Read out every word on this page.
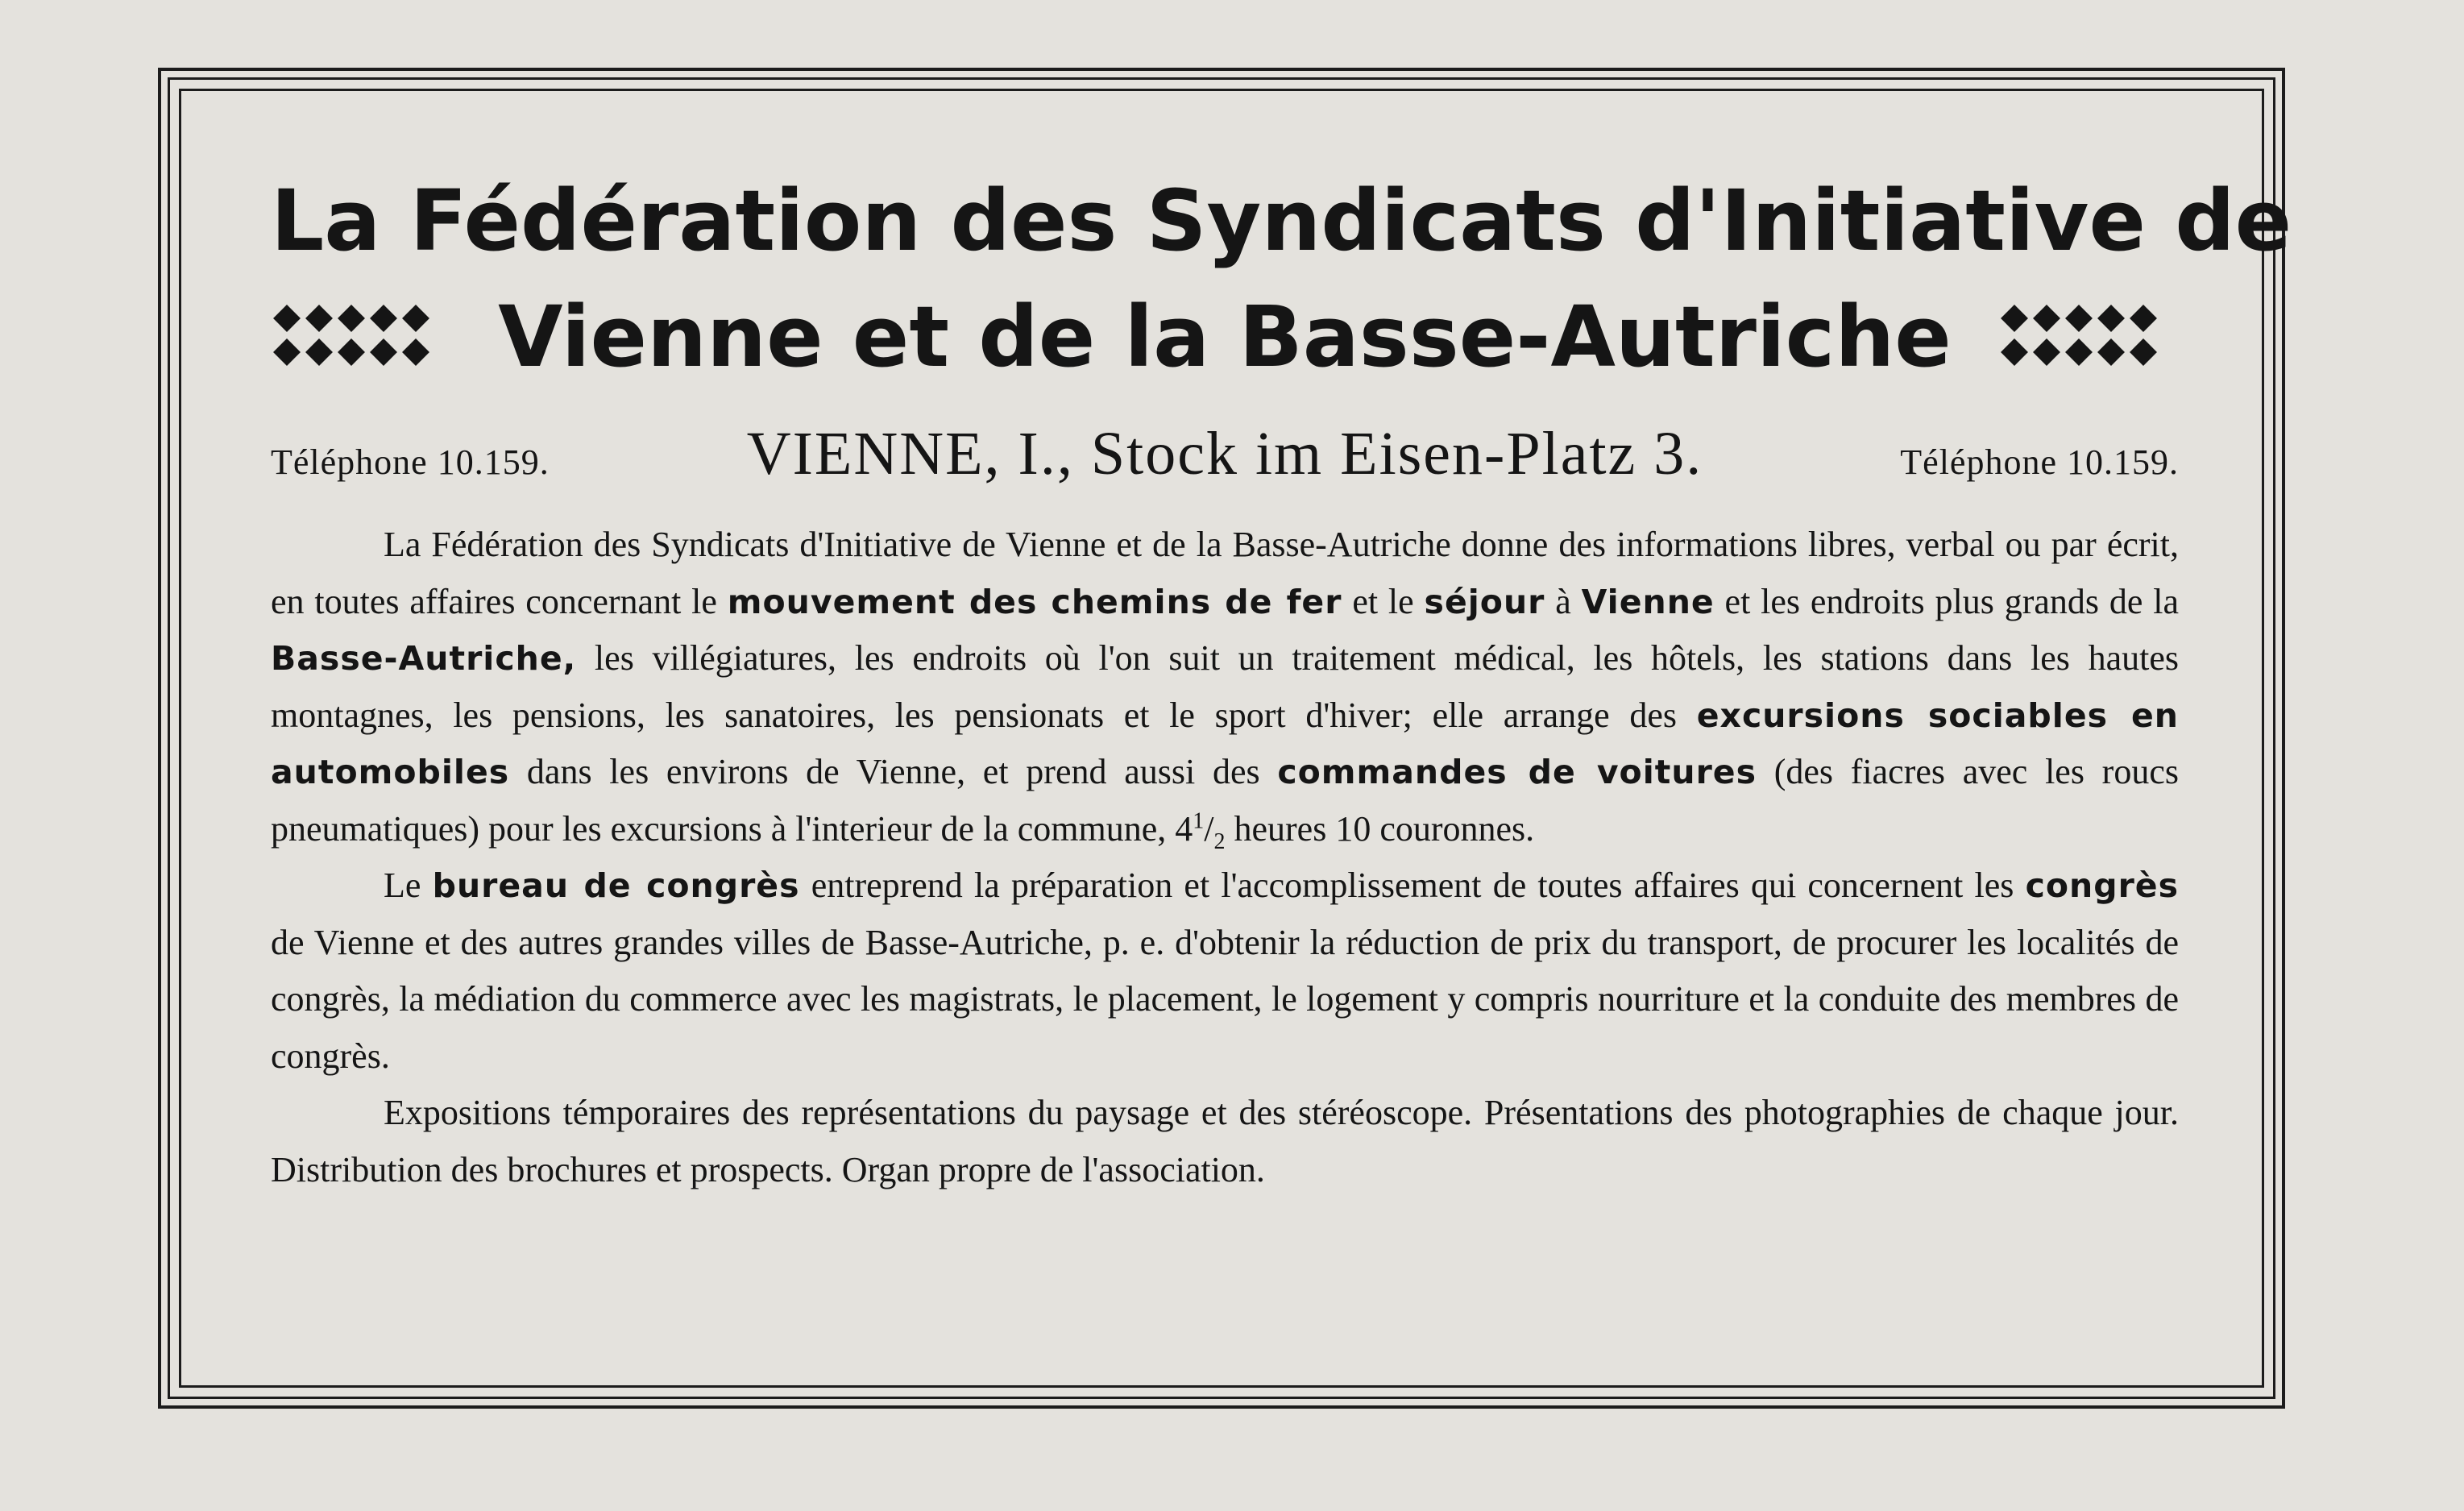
La Fédération des Syndicats d'Initiative de
Vienne et de la Basse-Autriche
Téléphone 10.159.	VIENNE, I., Stock im Eisen-Platz 3.	Téléphone 10.159.

La Fédération des Syndicats d'Initiative de Vienne et de la Basse-Autriche donne des informations libres, verbal ou par écrit, en toutes affaires concernant le mouvement des chemins de fer et le séjour à Vienne et les endroits plus grands de la Basse-Autriche, les villégiatures, les endroits où l'on suit un traitement médical, les hôtels, les stations dans les hautes montagnes, les pensions, les sanatoires, les pensionats et le sport d'hiver; elle arrange des excursions sociables en automobiles dans les environs de Vienne, et prend aussi des commandes de voitures (des fiacres avec les roucs pneumatiques) pour les excursions à l'interieur de la commune, $4^1/_2$ heures 10 couronnes.

Le bureau de congrès entreprend la préparation et l'accomplissement de toutes affaires qui concernent les congrès de Vienne et des autres grandes villes de Basse-Autriche, p. e. d'obtenir la réduction de prix du transport, de procurer les localités de congrès, la médiation du commerce avec les magistrats, le placement, le logement y compris nourriture et la conduite des membres de congrès.

Expositions témporaires des représentations du paysage et des stéréoscope. Présentations des photographies de chaque jour. Distribution des brochures et prospects. Organ propre de l'association.
